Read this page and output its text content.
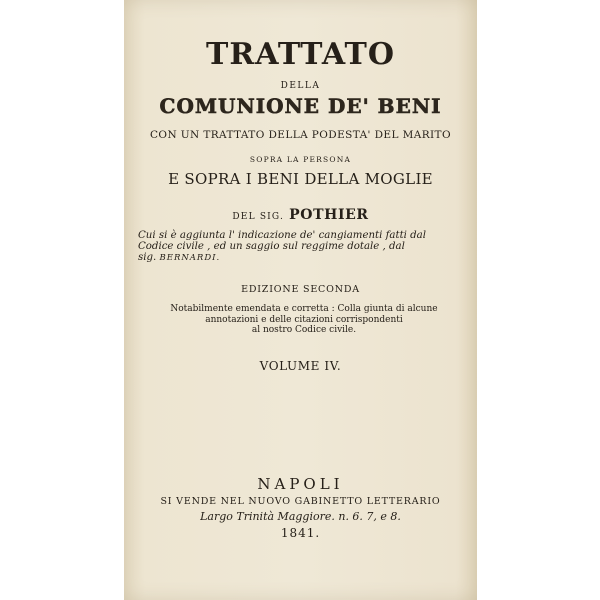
TRATTATO
DELLA
COMUNIONE DE' BENI
CON UN TRATTATO DELLA PODESTA' DEL MARITO
SOPRA LA PERSONA
E SOPRA I BENI DELLA MOGLIE
DEL SIG. POTHIER
Cui si è aggiunta l' indicazione de' cangiamenti fatti dal
Codice civile , ed un saggio sul reggime dotale , dal
sig. BERNARDI.
EDIZIONE SECONDA
Notabilmente emendata e corretta : Colla giunta di alcune
annotazioni e delle citazioni corrispondenti
al nostro Codice civile.
VOLUME IV.
NAPOLI
SI VENDE NEL NUOVO GABINETTO LETTERARIO
Largo Trinità Maggiore. n. 6. 7, e 8.
1841.
